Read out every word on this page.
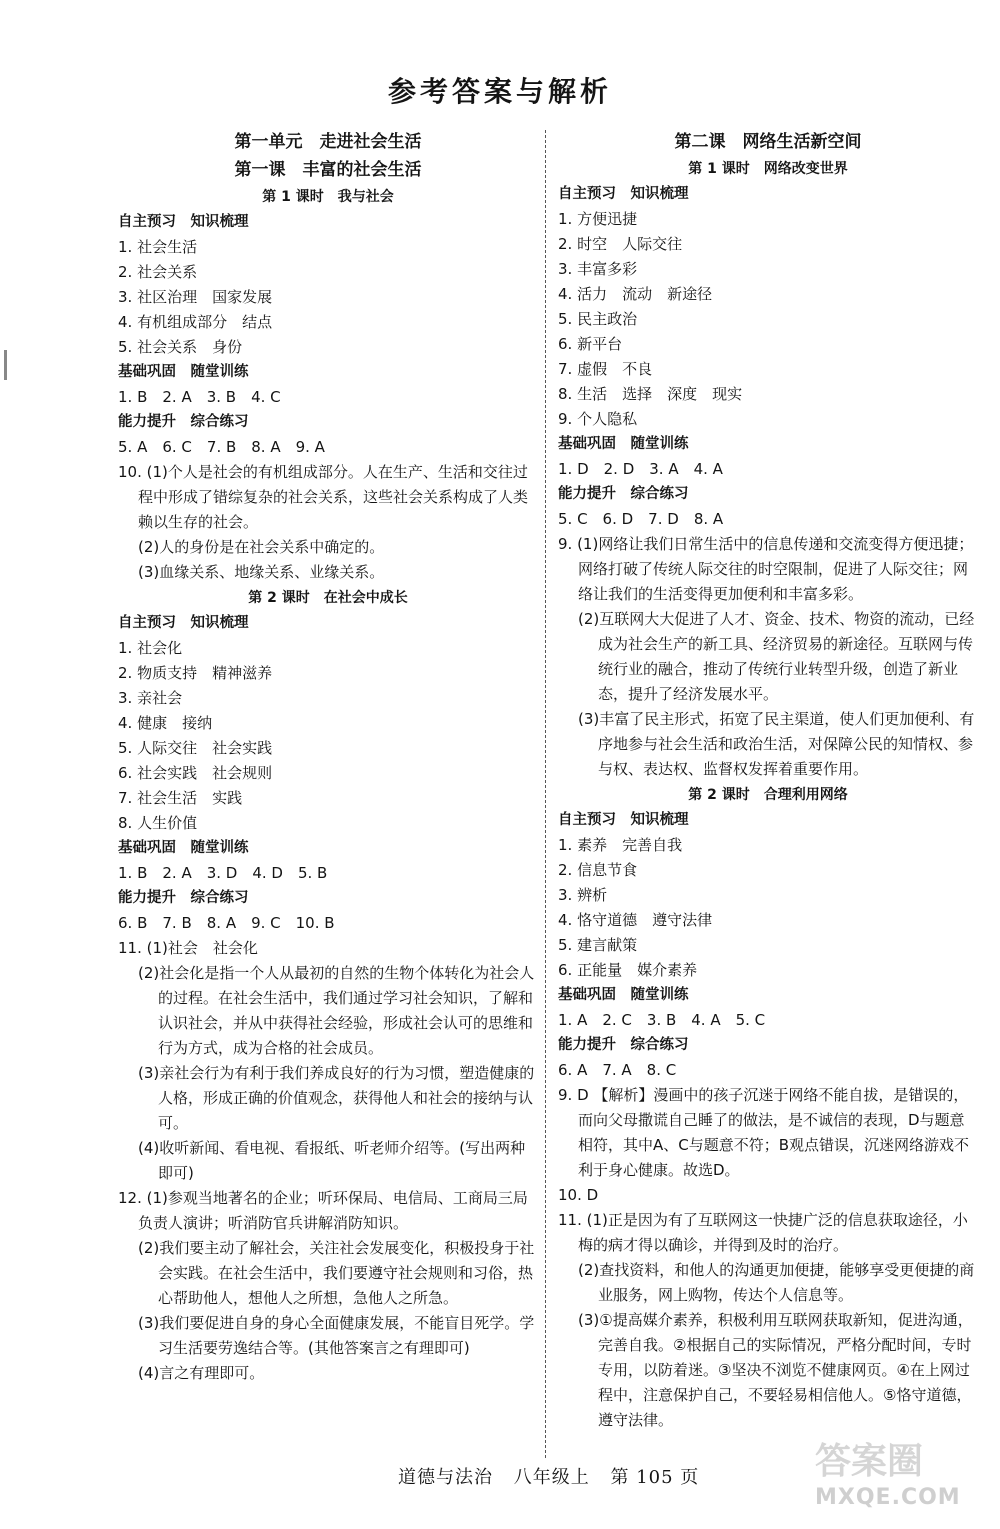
参考答案与解析
第一单元　走进社会生活
第一课　丰富的社会生活
第 1 课时　我与社会
自主预习　知识梳理
1. 社会生活
2. 社会关系
3. 社区治理　国家发展
4. 有机组成部分　结点
5. 社会关系　身份
基础巩固　随堂训练
1. B　2. A　3. B　4. C
能力提升　综合练习
5. A　6. C　7. B　8. A　9. A
10. (1)个人是社会的有机组成部分。人在生产、生活和交往过程中形成了错综复杂的社会关系，这些社会关系构成了人类赖以生存的社会。
(2)人的身份是在社会关系中确定的。
(3)血缘关系、地缘关系、业缘关系。
第 2 课时　在社会中成长
自主预习　知识梳理
1. 社会化
2. 物质支持　精神滋养
3. 亲社会
4. 健康　接纳
5. 人际交往　社会实践
6. 社会实践　社会规则
7. 社会生活　实践
8. 人生价值
基础巩固　随堂训练
1. B　2. A　3. D　4. D　5. B
能力提升　综合练习
6. B　7. B　8. A　9. C　10. B
11. (1)社会　社会化
(2)社会化是指一个人从最初的自然的生物个体转化为社会人的过程。在社会生活中，我们通过学习社会知识，了解和认识社会，并从中获得社会经验，形成社会认可的思维和行为方式，成为合格的社会成员。
(3)亲社会行为有利于我们养成良好的行为习惯，塑造健康的人格，形成正确的价值观念，获得他人和社会的接纳与认可。
(4)收听新闻、看电视、看报纸、听老师介绍等。(写出两种即可)
12. (1)参观当地著名的企业；听环保局、电信局、工商局三局负责人演讲；听消防官兵讲解消防知识。
(2)我们要主动了解社会，关注社会发展变化，积极投身于社会实践。在社会生活中，我们要遵守社会规则和习俗，热心帮助他人，想他人之所想，急他人之所急。
(3)我们要促进自身的身心全面健康发展，不能盲目死学。学习生活要劳逸结合等。(其他答案言之有理即可)
(4)言之有理即可。
第二课　网络生活新空间
第 1 课时　网络改变世界
自主预习　知识梳理
1. 方便迅捷
2. 时空　人际交往
3. 丰富多彩
4. 活力　流动　新途径
5. 民主政治
6. 新平台
7. 虚假　不良
8. 生活　选择　深度　现实
9. 个人隐私
基础巩固　随堂训练
1. D　2. D　3. A　4. A
能力提升　综合练习
5. C　6. D　7. D　8. A
9. (1)网络让我们日常生活中的信息传递和交流变得方便迅捷；网络打破了传统人际交往的时空限制，促进了人际交往；网络让我们的生活变得更加便利和丰富多彩。
(2)互联网大大促进了人才、资金、技术、物资的流动，已经成为社会生产的新工具、经济贸易的新途径。互联网与传统行业的融合，推动了传统行业转型升级，创造了新业态，提升了经济发展水平。
(3)丰富了民主形式，拓宽了民主渠道，使人们更加便利、有序地参与社会生活和政治生活，对保障公民的知情权、参与权、表达权、监督权发挥着重要作用。
第 2 课时　合理利用网络
自主预习　知识梳理
1. 素养　完善自我
2. 信息节食
3. 辨析
4. 恪守道德　遵守法律
5. 建言献策
6. 正能量　媒介素养
基础巩固　随堂训练
1. A　2. C　3. B　4. A　5. C
能力提升　综合练习
6. A　7. A　8. C
9. D 【解析】漫画中的孩子沉迷于网络不能自拔，是错误的，而向父母撒谎自己睡了的做法，是不诚信的表现，D与题意相符，其中A、C与题意不符；B观点错误，沉迷网络游戏不利于身心健康。故选D。
10. D
11. (1)正是因为有了互联网这一快捷广泛的信息获取途径，小梅的病才得以确诊，并得到及时的治疗。
(2)查找资料，和他人的沟通更加便捷，能够享受更便捷的商业服务，网上购物，传达个人信息等。
(3)①提高媒介素养，积极利用互联网获取新知，促进沟通，完善自我。②根据自己的实际情况，严格分配时间，专时专用，以防着迷。③坚决不浏览不健康网页。④在上网过程中，注意保护自己，不要轻易相信他人。⑤恪守道德，遵守法律。
道德与法治 八年级上 第 105 页	答案圈
MXQE.COM
